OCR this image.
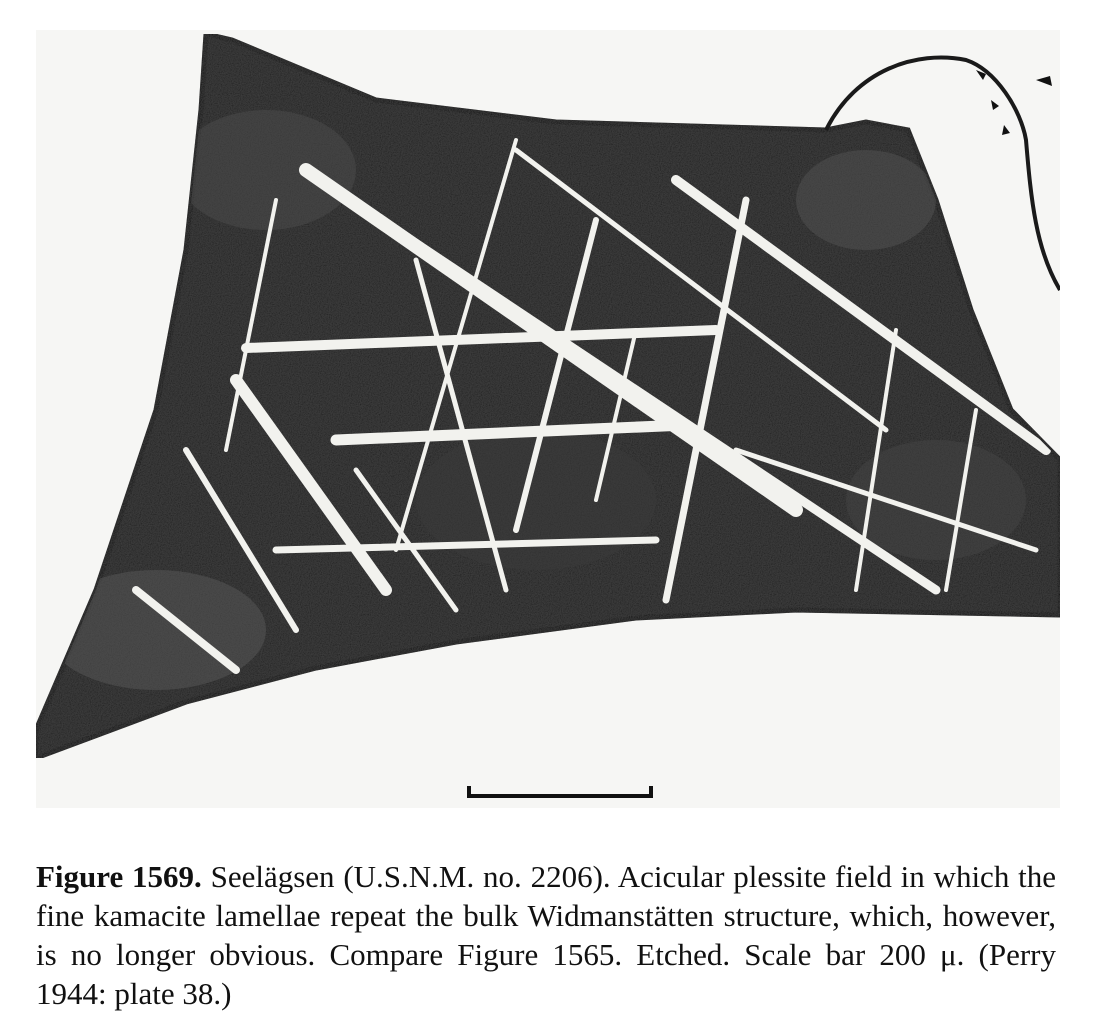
Figure 1569. Seelägsen (U.S.N.M. no. 2206). Acicular plessite field in which the fine kamacite lamellae repeat the bulk Widmanstätten structure, which, however, is no longer obvious. Compare Figure 1565. Etched. Scale bar 200 μ. (Perry 1944: plate 38.)
